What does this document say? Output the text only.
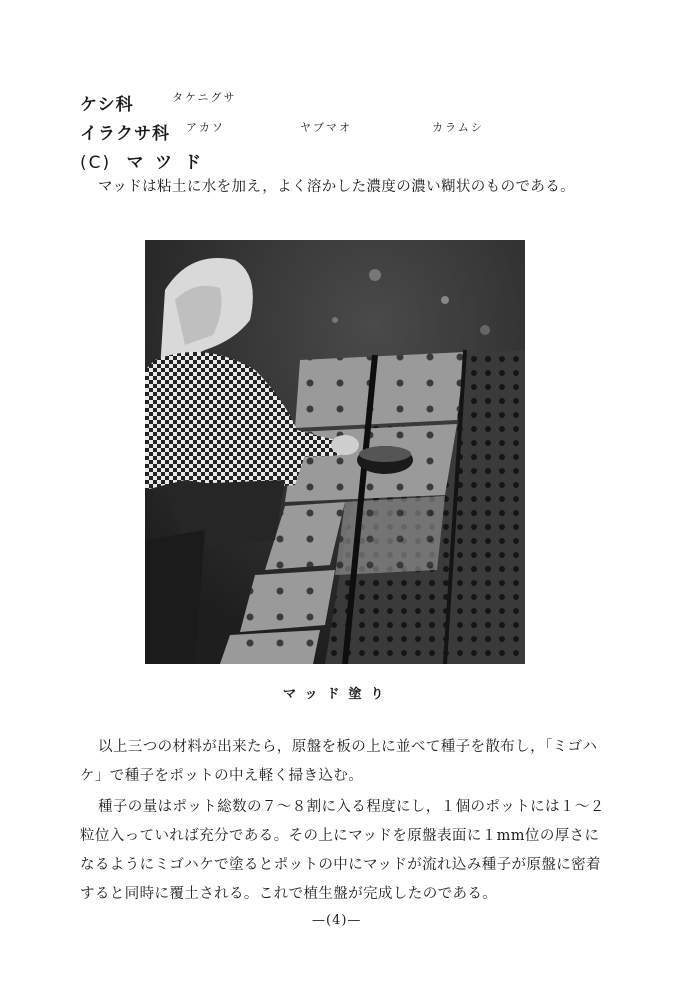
ケシ科	タケニグサ
イラクサ科 アカソ	ヤブマオ	カラムシ
(C) マツド
マッドは粘土に水を加え，よく溶かした濃度の濃い糊状のものである。
マッド塗り
以上三つの材料が出来たら，原盤を板の上に並べて種子を散布し，「ミゴハ
ケ」で種子をポットの中え軽く掃き込む。
種子の量はポット総数の７～８割に入る程度にし，１個のポットには１～２
粒位入っていれば充分である。その上にマッドを原盤表面に１mm位の厚さに
なるようにミゴハケで塗るとポットの中にマッドが流れ込み種子が原盤に密着
すると同時に覆土される。これで植生盤が完成したのである。
—(4)—
